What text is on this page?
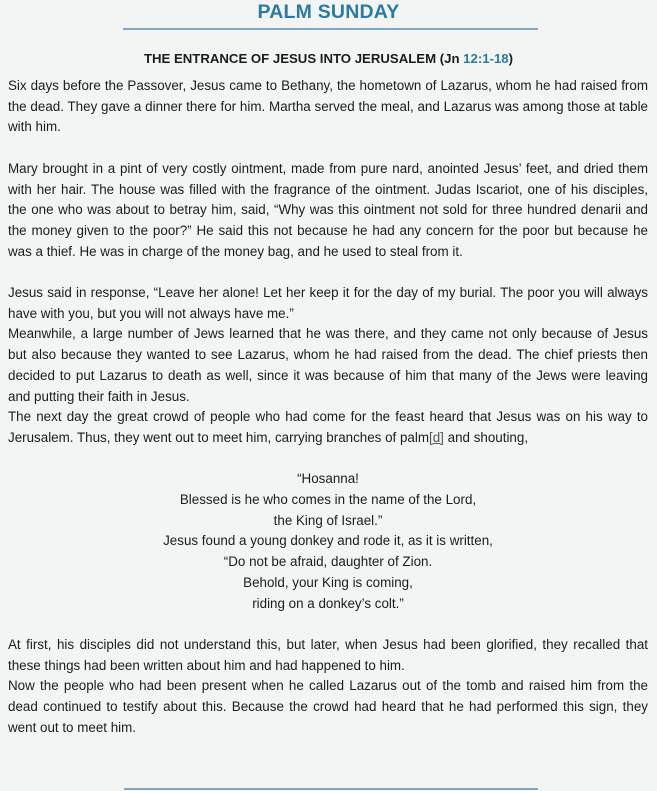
PALM SUNDAY
THE ENTRANCE OF JESUS INTO JERUSALEM (Jn 12:1-18)

Six days before the Passover, Jesus came to Bethany, the hometown of Lazarus, whom he had raised from the dead. They gave a dinner there for him. Martha served the meal, and Lazarus was among those at table with him.

Mary brought in a pint of very costly ointment, made from pure nard, anointed Jesus’ feet, and dried them with her hair. The house was filled with the fragrance of the ointment. Judas Iscariot, one of his disciples, the one who was about to betray him, said, “Why was this ointment not sold for three hundred denarii and the money given to the poor?” He said this not because he had any concern for the poor but because he was a thief. He was in charge of the money bag, and he used to steal from it.

Jesus said in response, “Leave her alone! Let her keep it for the day of my burial. The poor you will always have with you, but you will not always have me.”

Meanwhile, a large number of Jews learned that he was there, and they came not only because of Jesus but also because they wanted to see Lazarus, whom he had raised from the dead. The chief priests then decided to put Lazarus to death as well, since it was because of him that many of the Jews were leaving and putting their faith in Jesus.

The next day the great crowd of people who had come for the feast heard that Jesus was on his way to Jerusalem. Thus, they went out to meet him, carrying branches of palm[d] and shouting,

“Hosanna!
Blessed is he who comes in the name of the Lord,
the King of Israel.”
Jesus found a young donkey and rode it, as it is written,
“Do not be afraid, daughter of Zion.
Behold, your King is coming,
riding on a donkey’s colt.”

At first, his disciples did not understand this, but later, when Jesus had been glorified, they recalled that these things had been written about him and had happened to him.

Now the people who had been present when he called Lazarus out of the tomb and raised him from the dead continued to testify about this. Because the crowd had heard that he had performed this sign, they went out to meet him.
